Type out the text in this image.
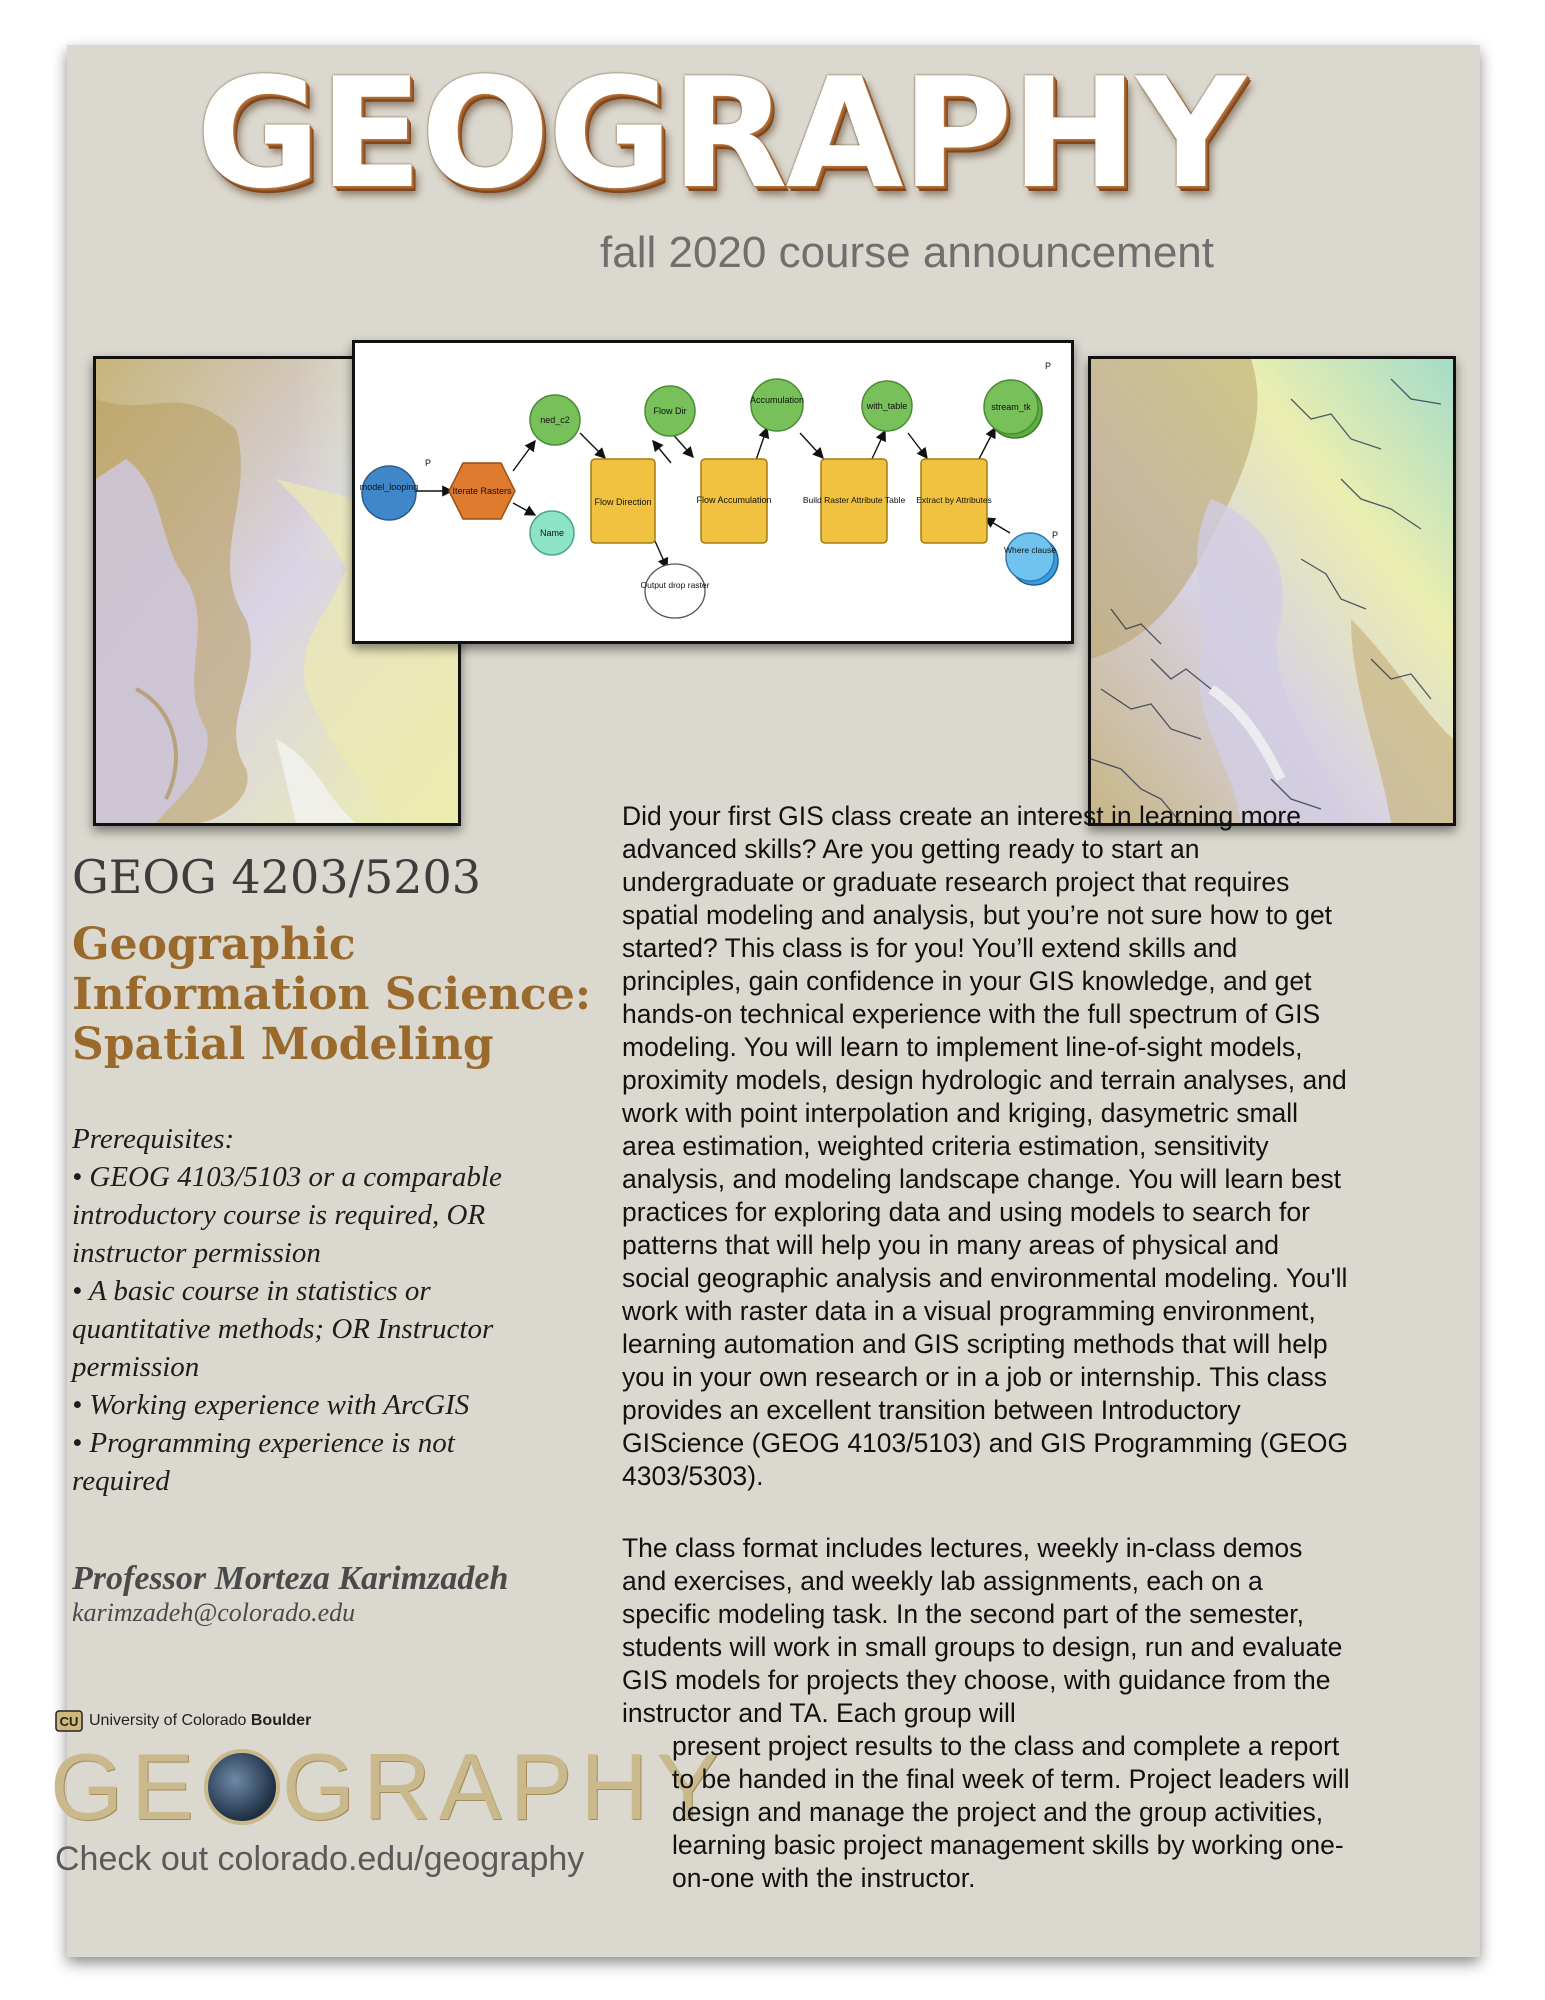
GEOGRAPHY
fall 2020 course announcement
model_looping
P
Iterate Rasters
ned_c2
Name
Flow Direction
Flow Dir
Output drop raster
Flow Accumulation
Accumulation
Build Raster Attribute Table
with_table
Extract by Attributes
stream_tk
P
Where clause
P
GEOG 4203/5203
Geographic
Information Science:
Spatial Modeling
Prerequisites:
• GEOG 4103/5103 or a comparable introductory course is required, OR instructor permission
• A basic course in statistics or quantitative methods; OR Instructor permission
• Working experience with ArcGIS
• Programming experience is not required
Professor Morteza Karimzadeh
karimzadeh@colorado.edu
CU University of Colorado Boulder
GE GRAPHY
Check out colorado.edu/geography

Did your first GIS class create an interest in learning more advanced skills? Are you getting ready to start an undergraduate or graduate research project that requires spatial modeling and analysis, but you’re not sure how to get started? This class is for you! You’ll extend skills and principles, gain confidence in your GIS knowledge, and get hands-on technical experience with the full spectrum of GIS modeling. You will learn to implement line-of-sight models, proximity models, design hydrologic and terrain analyses, and work with point interpolation and kriging, dasymetric small area estimation, weighted criteria estimation, sensitivity analysis, and modeling landscape change. You will learn best practices for exploring data and using models to search for patterns that will help you in many areas of physical and social geographic analysis and environmental modeling. You'll work with raster data in a visual programming environment, learning automation and GIS scripting methods that will help you in your own research or in a job or internship. This class provides an excellent transition between Introductory GIScience (GEOG 4103/5103) and GIS Programming (GEOG 4303/5303).

The class format includes lectures, weekly in-class demos and exercises, and weekly lab assignments, each on a specific modeling task. In the second part of the semester, students will work in small groups to design, run and evaluate GIS models for projects they choose, with guidance from the instructor and TA. Each group will
present project results to the class and complete a report to be handed in the final week of term. Project leaders will design and manage the project and the group activities, learning basic project management skills by working one-on-one with the instructor.
